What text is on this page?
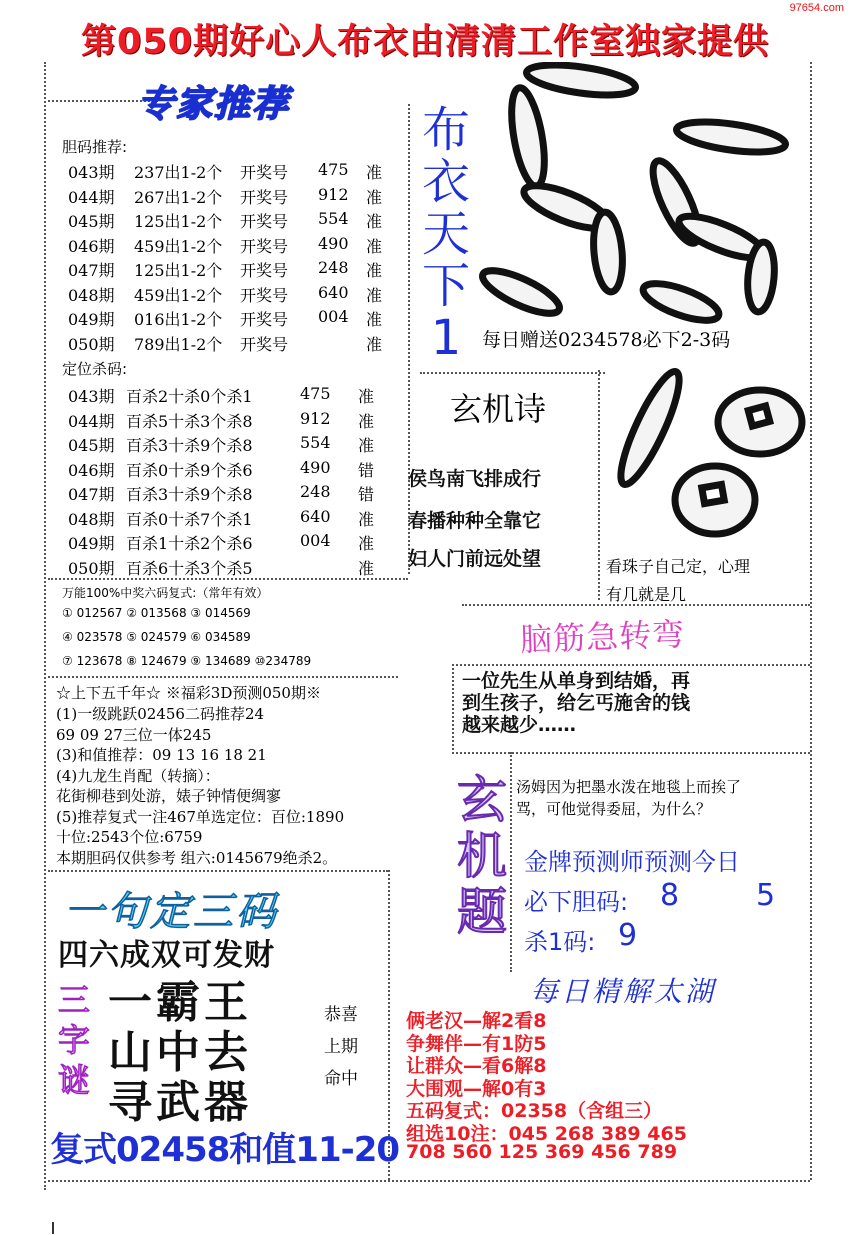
97654.com
第050期好心人布衣由清清工作室独家提供
专家推荐
胆码推荐:
043期 237出1-2个 开奖号 475 准
044期 267出1-2个 开奖号 912 准
045期 125出1-2个 开奖号 554 准
046期 459出1-2个 开奖号 490 准
047期 125出1-2个 开奖号 248 准
048期 459出1-2个 开奖号 640 准
049期 016出1-2个 开奖号 004 准
050期 789出1-2个 开奖号	准
定位杀码:
043期 百杀2十杀0个杀1	475 准
044期 百杀5十杀3个杀8	912 准
045期 百杀3十杀9个杀8	554 准
046期 百杀0十杀9个杀6	490 错
047期 百杀3十杀9个杀8	248 错
048期 百杀0十杀7个杀1	640 准
049期 百杀1十杀2个杀6	004 准
050期 百杀6十杀3个杀5	准
万能100%中奖六码复式:（常年有效）
① 012567 ② 013568 ③ 014569
④ 023578 ⑤ 024579 ⑥ 034589
⑦ 123678 ⑧ 124679 ⑨ 134689 ⑩234789
布衣天下1	每日赠送0234578必下2-3码
玄机诗
侯鸟南飞排成行
春播种种全靠它
妇人门前远处望	看珠子自己定，心理
有几就是几
脑筋急转弯
一位先生从单身到结婚，再
到生孩子，给乞丐施舍的钱
越来越少……
☆上下五千年☆ ※福彩3D预测050期※
(1)一级跳跃02456二码推荐24
69 09 27三位一体245
(3)和值推荐：09 13 16 18 21
(4)九龙生肖配（转摘）：
花街柳巷到处游，婊子钟情便绸寥
(5)推荐复式一注467单选定位：百位:1890
十位:2543个位:6759
本期胆码仅供参考 组六:0145679绝杀2。
玄机题
汤姆因为把墨水泼在地毯上而挨了
骂，可他觉得委屈，为什么？
金牌预测师预测今日
必下胆码: 8	5
杀1码: 9
一句定三码
四六成双可发财
三
字
谜
一霸王
山中去
寻武器
恭喜
上期
命中
复式02458和值11-20
每日精解太湖
俩老汉—解2看8
争舞伴—有1防5
让群众—看6解8
大围观—解0有3
五码复式：02358（含组三）
组选10注：045 268 389 465
708 560 125 369 456 789
